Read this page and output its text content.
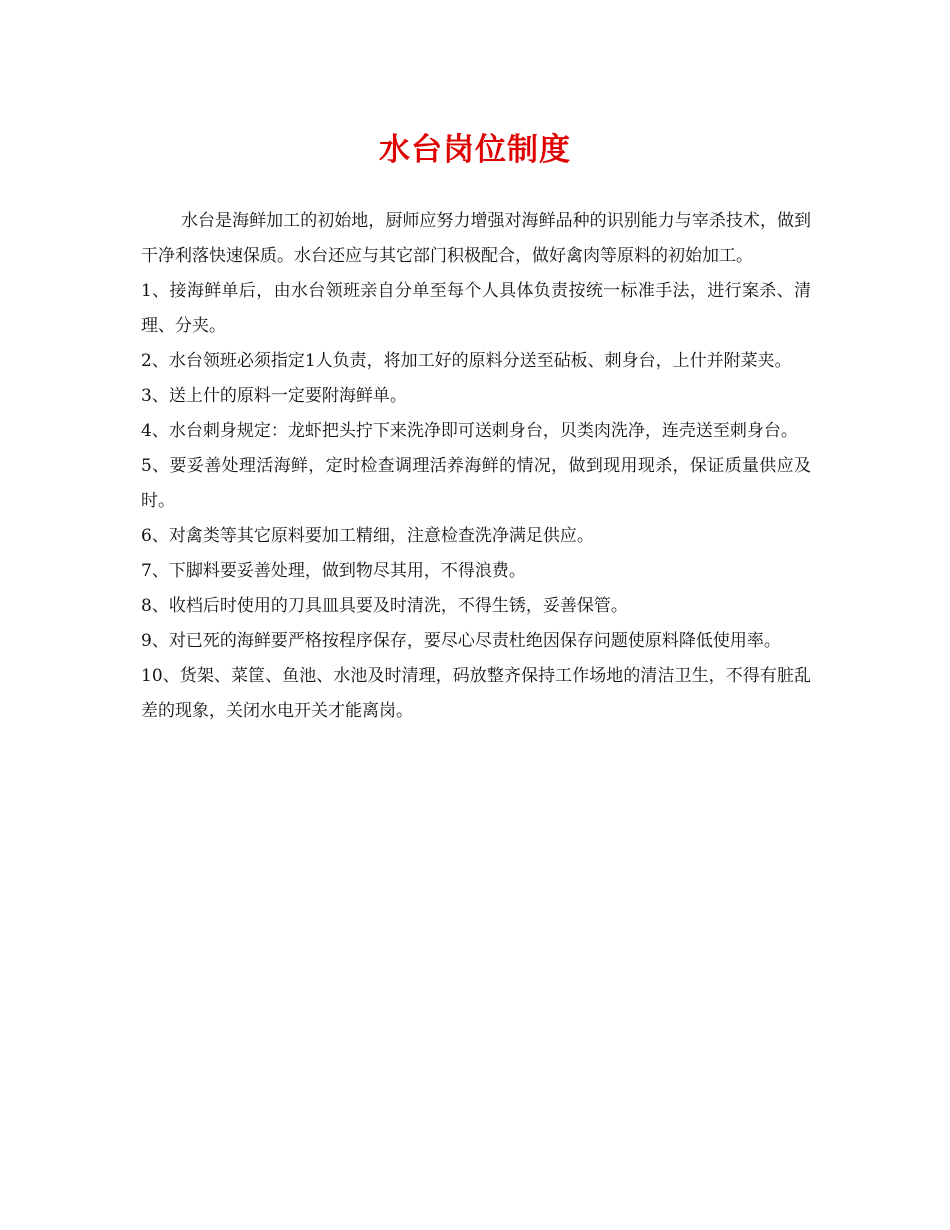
水台岗位制度

水台是海鲜加工的初始地，厨师应努力增强对海鲜品种的识别能力与宰杀技术，做到干净利落快速保质。水台还应与其它部门积极配合，做好禽肉等原料的初始加工。

1、接海鲜单后，由水台领班亲自分单至每个人具体负责按统一标准手法，进行案杀、清理、分夹。

2、水台领班必须指定1人负责，将加工好的原料分送至砧板、刺身台，上什并附菜夹。

3、送上什的原料一定要附海鲜单。

4、水台刺身规定：龙虾把头拧下来洗净即可送刺身台，贝类肉洗净，连壳送至刺身台。

5、要妥善处理活海鲜，定时检查调理活养海鲜的情况，做到现用现杀，保证质量供应及时。

6、对禽类等其它原料要加工精细，注意检查洗净满足供应。

7、下脚料要妥善处理，做到物尽其用，不得浪费。

8、收档后时使用的刀具皿具要及时清洗，不得生锈，妥善保管。

9、对已死的海鲜要严格按程序保存，要尽心尽责杜绝因保存问题使原料降低使用率。

10、货架、菜筐、鱼池、水池及时清理，码放整齐保持工作场地的清洁卫生，不得有脏乱差的现象，关闭水电开关才能离岗。
